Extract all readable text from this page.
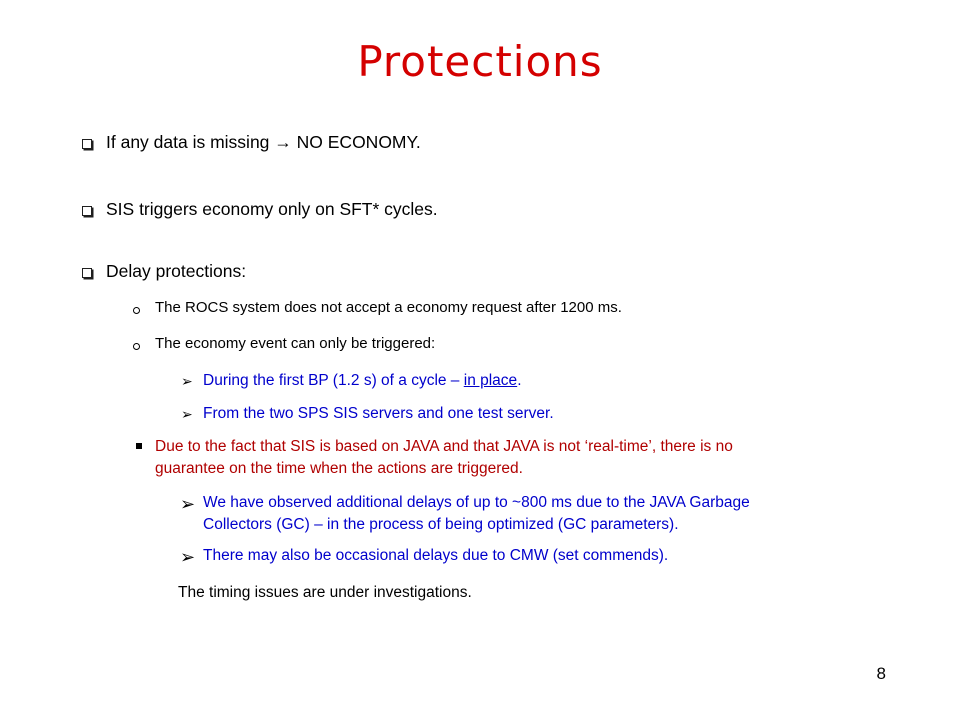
Protections
If any data is missing → NO ECONOMY.
SIS triggers economy only on SFT* cycles.
Delay protections:
The ROCS system does not accept a economy request after 1200 ms.
The economy event can only be triggered:
➢ During the first BP (1.2 s) of a cycle – in place.
➢ From the two SPS SIS servers and one test server.
Due to the fact that SIS is based on JAVA and that JAVA is not ‘real-time’, there is no
guarantee on the time when the actions are triggered.
➢ We have observed additional delays of up to ~800 ms due to the JAVA Garbage
Collectors (GC) – in the process of being optimized (GC parameters).
➢ There may also be occasional delays due to CMW (set commends).
The timing issues are under investigations.
8
